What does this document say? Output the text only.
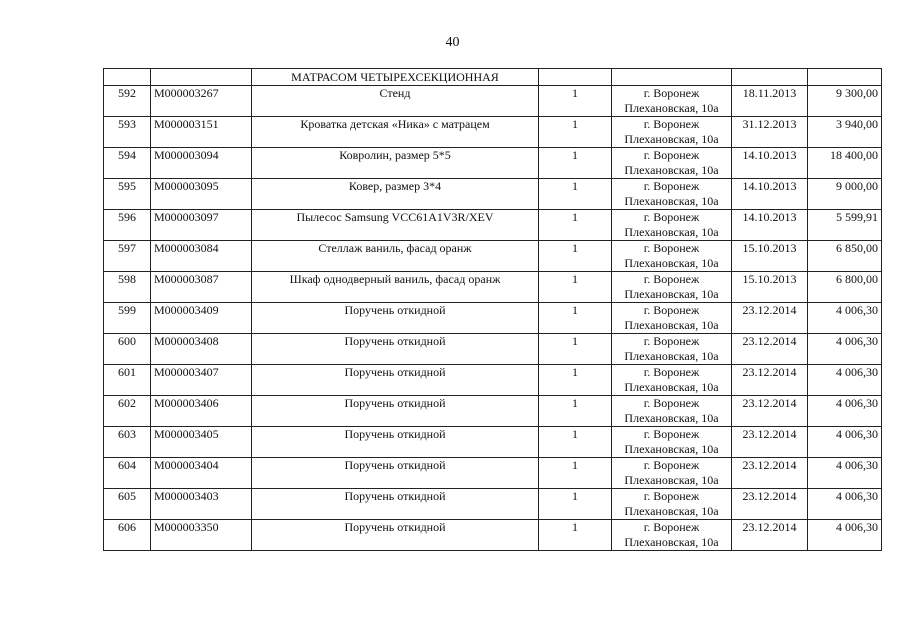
40
		МАТРАСОМ ЧЕТЫРЕХСЕКЦИОННАЯ				
592	М000003267	Стенд	1	г. Воронеж
Плехановская, 10а	18.11.2013	9 300,00
593	М000003151	Кроватка детская «Ника» с матрацем	1	г. Воронеж
Плехановская, 10а	31.12.2013	3 940,00
594	М000003094	Ковролин, размер 5*5	1	г. Воронеж
Плехановская, 10а	14.10.2013	18 400,00
595	М000003095	Ковер, размер 3*4	1	г. Воронеж
Плехановская, 10а	14.10.2013	9 000,00
596	М000003097	Пылесос Samsung VCC61A1V3R/XEV	1	г. Воронеж
Плехановская, 10а	14.10.2013	5 599,91
597	М000003084	Стеллаж ваниль, фасад оранж	1	г. Воронеж
Плехановская, 10а	15.10.2013	6 850,00
598	М000003087	Шкаф однодверный ваниль, фасад оранж	1	г. Воронеж
Плехановская, 10а	15.10.2013	6 800,00
599	М000003409	Поручень откидной	1	г. Воронеж
Плехановская, 10а	23.12.2014	4 006,30
600	М000003408	Поручень откидной	1	г. Воронеж
Плехановская, 10а	23.12.2014	4 006,30
601	М000003407	Поручень откидной	1	г. Воронеж
Плехановская, 10а	23.12.2014	4 006,30
602	М000003406	Поручень откидной	1	г. Воронеж
Плехановская, 10а	23.12.2014	4 006,30
603	М000003405	Поручень откидной	1	г. Воронеж
Плехановская, 10а	23.12.2014	4 006,30
604	М000003404	Поручень откидной	1	г. Воронеж
Плехановская, 10а	23.12.2014	4 006,30
605	М000003403	Поручень откидной	1	г. Воронеж
Плехановская, 10а	23.12.2014	4 006,30
606	М000003350	Поручень откидной	1	г. Воронеж
Плехановская, 10а	23.12.2014	4 006,30
